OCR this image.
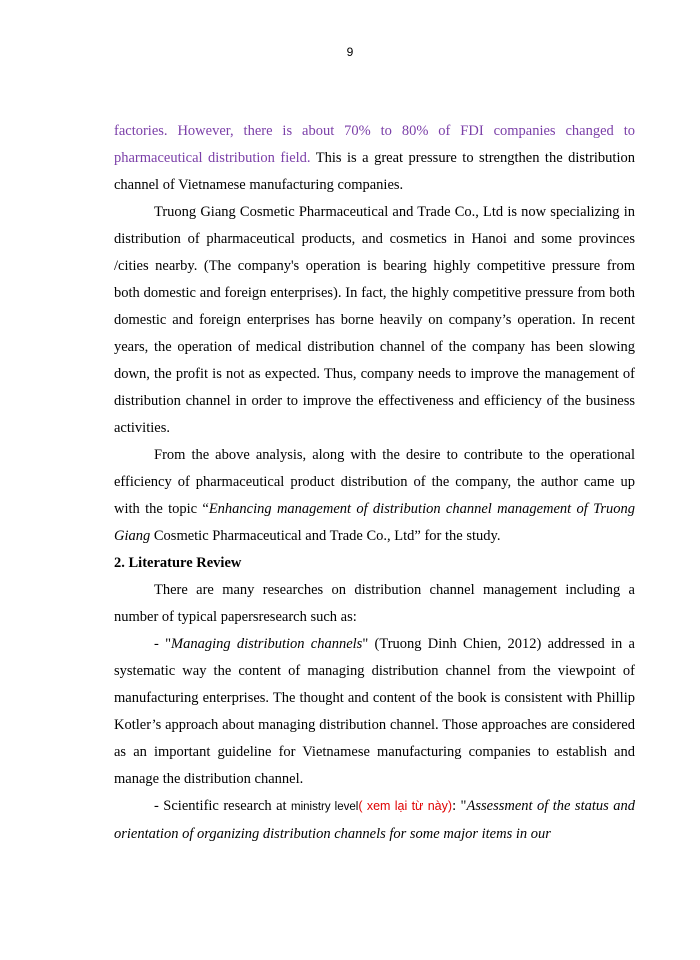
9

factories. However, there is about 70% to 80% of FDI companies changed to pharmaceutical distribution field. This is a great pressure to strengthen the distribution channel of Vietnamese manufacturing companies.

Truong Giang Cosmetic Pharmaceutical and Trade Co., Ltd is now specializing in distribution of pharmaceutical products, and cosmetics in Hanoi and some provinces /cities nearby. (The company's operation is bearing highly competitive pressure from both domestic and foreign enterprises). In fact, the highly competitive pressure from both domestic and foreign enterprises has borne heavily on company’s operation. In recent years, the operation of medical distribution channel of the company has been slowing down, the profit is not as expected. Thus, company needs to improve the management of distribution channel in order to improve the effectiveness and efficiency of the business activities.

From the above analysis, along with the desire to contribute to the operational efficiency of pharmaceutical product distribution of the company, the author came up with the topic “Enhancing management of distribution channel management of Truong Giang Cosmetic Pharmaceutical and Trade Co., Ltd” for the study.

2. Literature Review

There are many researches on distribution channel management including a number of typical papersresearch such as:

- "Managing distribution channels" (Truong Dinh Chien, 2012) addressed in a systematic way the content of managing distribution channel from the viewpoint of manufacturing enterprises. The thought and content of the book is consistent with Phillip Kotler’s approach about managing distribution channel. Those approaches are considered as an important guideline for Vietnamese manufacturing companies to establish and manage the distribution channel.

- Scientific research at ministry level( xem lại từ này): "Assessment of the status and orientation of organizing distribution channels for some major items in our
